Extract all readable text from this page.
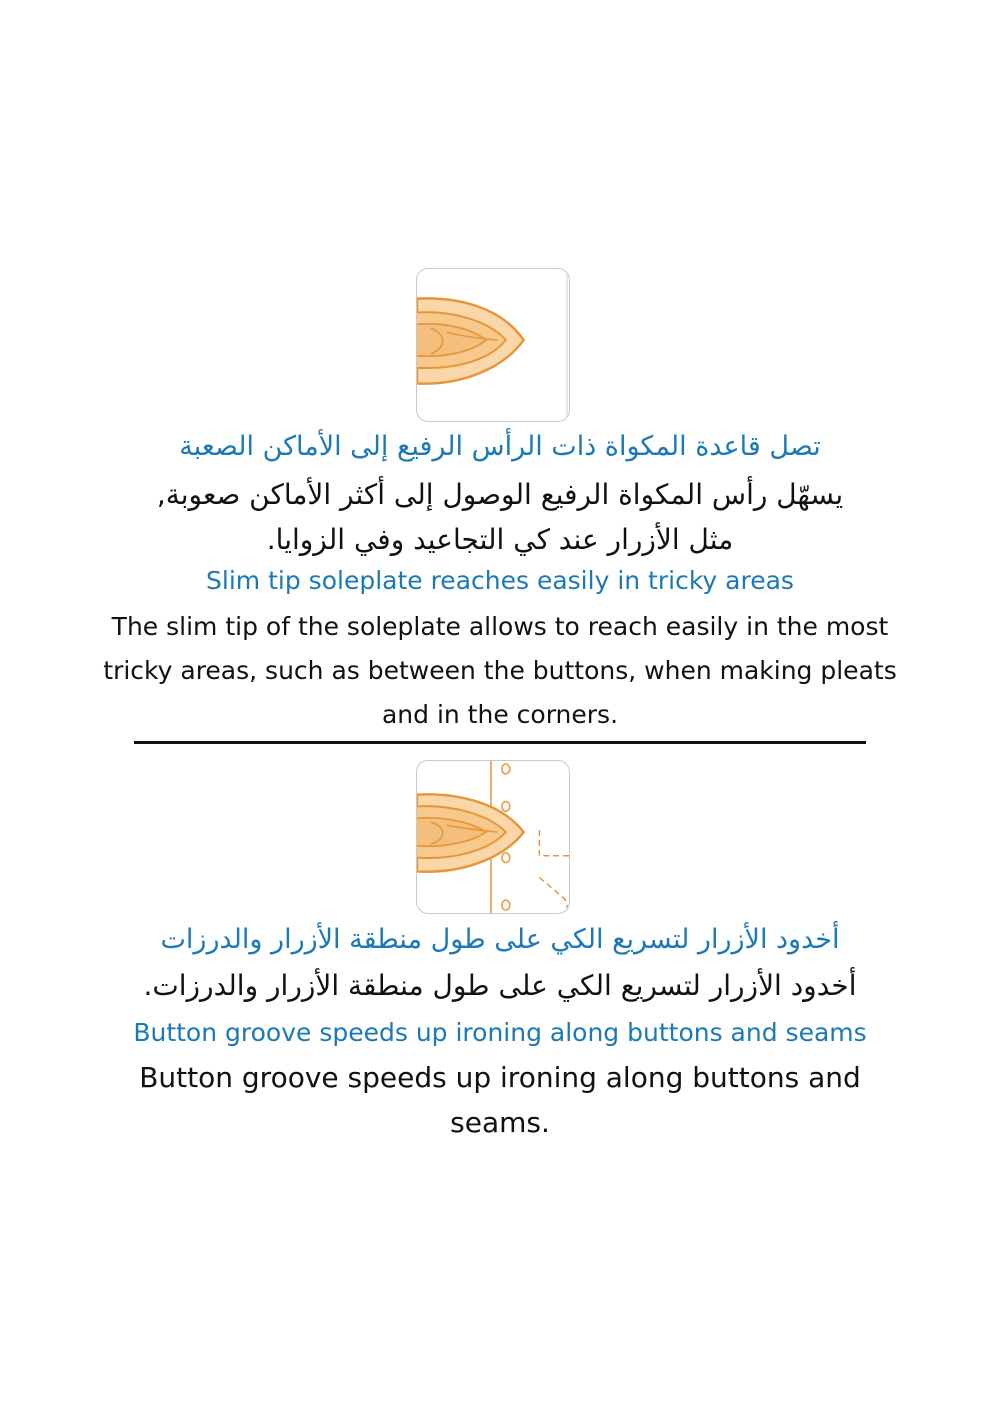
تصل قاعدة المكواة ذات الرأس الرفيع إلى الأماكن الصعبة
يسهّل رأس المكواة الرفيع الوصول إلى أكثر الأماكن صعوبة,
مثل الأزرار عند كي التجاعيد وفي الزوايا.
Slim tip soleplate reaches easily in tricky areas
The slim tip of the soleplate allows to reach easily in the most
tricky areas, such as between the buttons, when making pleats
and in the corners.
أخدود الأزرار لتسريع الكي على طول منطقة الأزرار والدرزات
أخدود الأزرار لتسريع الكي على طول منطقة الأزرار والدرزات.
Button groove speeds up ironing along buttons and seams
Button groove speeds up ironing along buttons and
seams.
